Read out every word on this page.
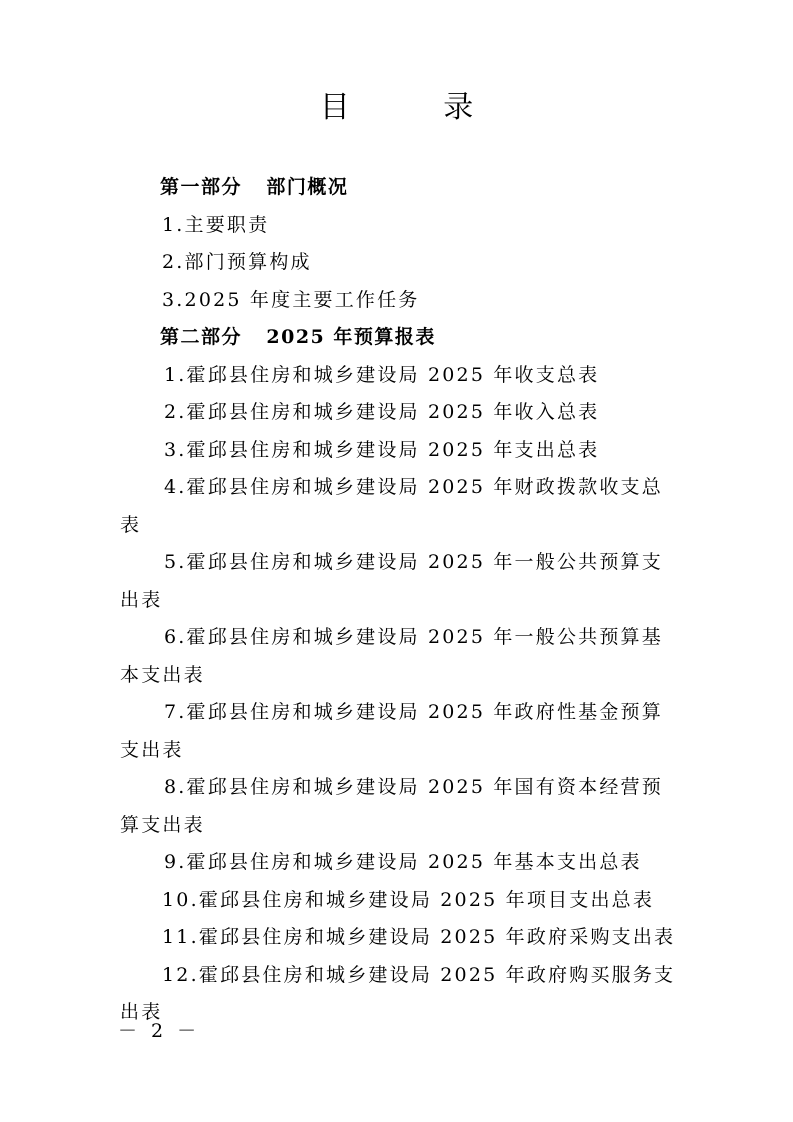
目 录
第一部分 部门概况
1.主要职责
2.部门预算构成
3.2025 年度主要工作任务
第二部分 2025 年预算报表
1.霍邱县住房和城乡建设局 2025 年收支总表
2.霍邱县住房和城乡建设局 2025 年收入总表
3.霍邱县住房和城乡建设局 2025 年支出总表
4.霍邱县住房和城乡建设局 2025 年财政拨款收支总表
5.霍邱县住房和城乡建设局 2025 年一般公共预算支出表
6.霍邱县住房和城乡建设局 2025 年一般公共预算基本支出表
7.霍邱县住房和城乡建设局 2025 年政府性基金预算支出表
8.霍邱县住房和城乡建设局 2025 年国有资本经营预算支出表
9.霍邱县住房和城乡建设局 2025 年基本支出总表
10.霍邱县住房和城乡建设局 2025 年项目支出总表
11.霍邱县住房和城乡建设局 2025 年政府采购支出表
12.霍邱县住房和城乡建设局 2025 年政府购买服务支出表
－ 2 －
